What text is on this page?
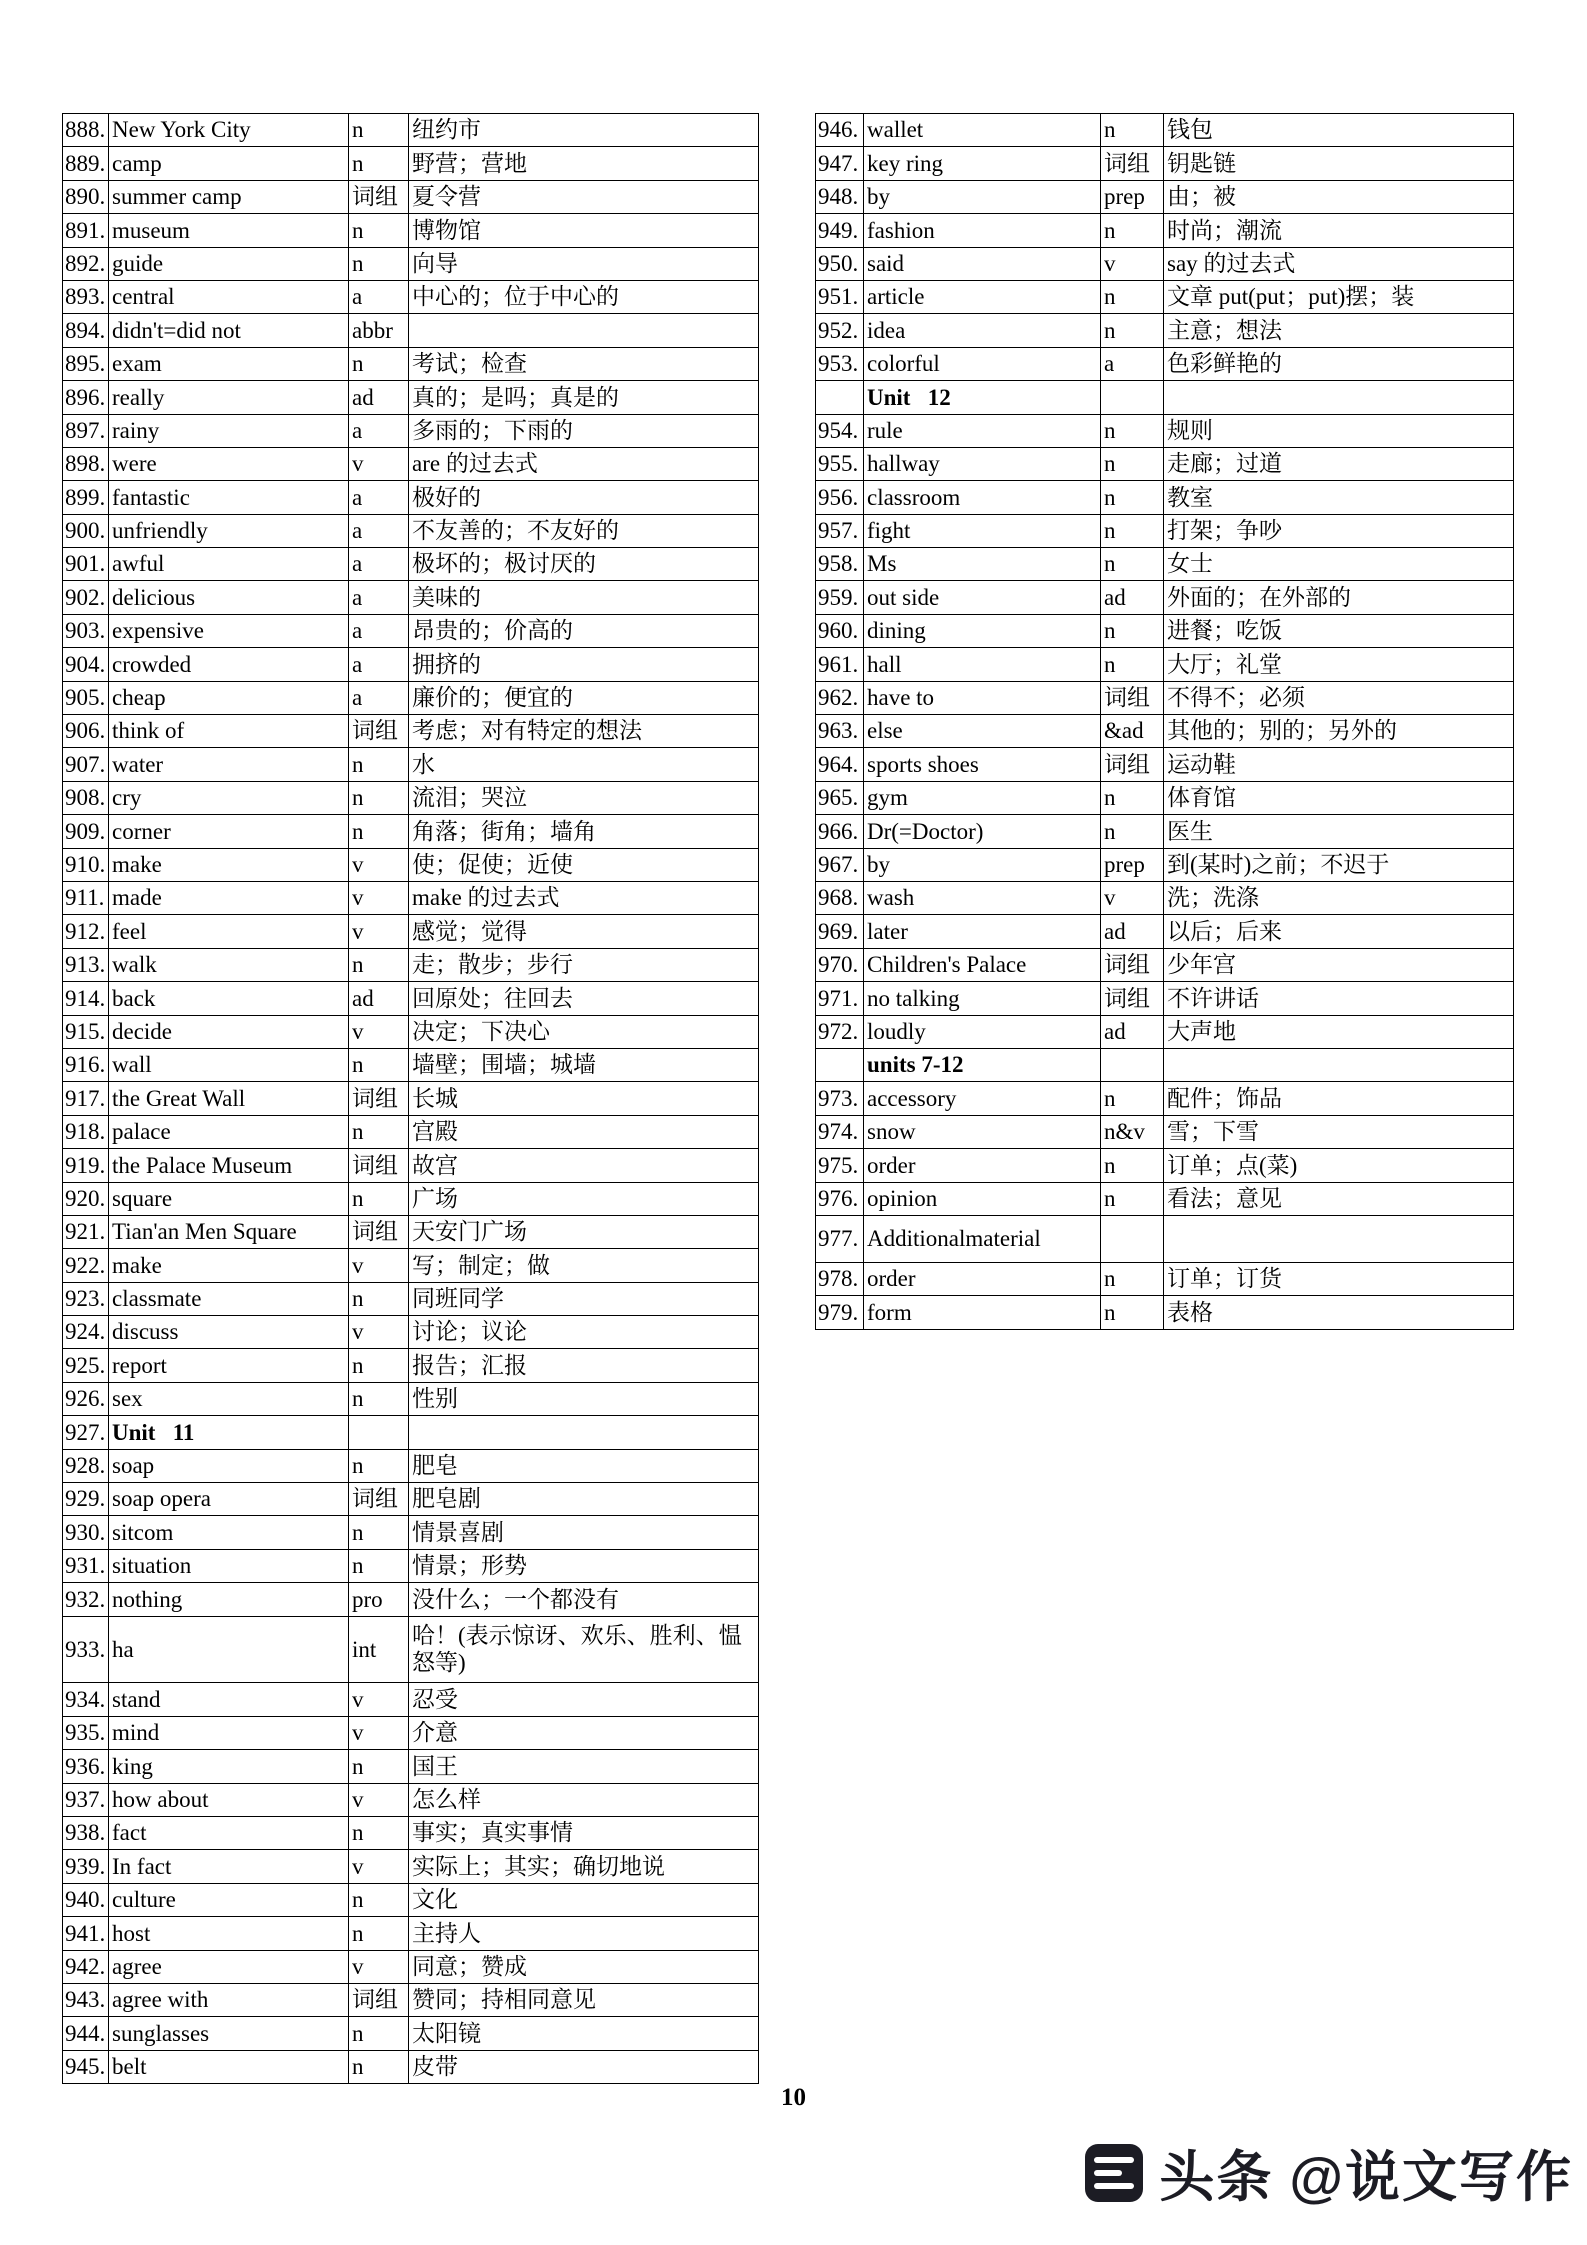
888.	New York City	n	纽约市
889.	camp	n	野营；营地
890.	summer camp	词组	夏令营
891.	museum	n	博物馆
892.	guide	n	向导
893.	central	a	中心的；位于中心的
894.	didn't=did not	abbr	
895.	exam	n	考试；检查
896.	really	ad	真的；是吗；真是的
897.	rainy	a	多雨的；下雨的
898.	were	v	are 的过去式
899.	fantastic	a	极好的
900.	unfriendly	a	不友善的；不友好的
901.	awful	a	极坏的；极讨厌的
902.	delicious	a	美味的
903.	expensive	a	昂贵的；价高的
904.	crowded	a	拥挤的
905.	cheap	a	廉价的；便宜的
906.	think of	词组	考虑；对有特定的想法
907.	water	n	水
908.	cry	n	流泪；哭泣
909.	corner	n	角落；街角；墙角
910.	make	v	使；促使；近使
911.	made	v	make 的过去式
912.	feel	v	感觉；觉得
913.	walk	n	走；散步；步行
914.	back	ad	回原处；往回去
915.	decide	v	决定；下决心
916.	wall	n	墙壁；围墙；城墙
917.	the Great Wall	词组	长城
918.	palace	n	宫殿
919.	the Palace Museum	词组	故宫
920.	square	n	广场
921.	Tian'an Men Square	词组	天安门广场
922.	make	v	写；制定；做
923.	classmate	n	同班同学
924.	discuss	v	讨论；议论
925.	report	n	报告；汇报
926.	sex	n	性别
927.	Unit   11		
928.	soap	n	肥皂
929.	soap opera	词组	肥皂剧
930.	sitcom	n	情景喜剧
931.	situation	n	情景；形势
932.	nothing	pro	没什么；一个都没有
933.	ha	int	哈！(表示惊讶、欢乐、胜利、愠怒等)
934.	stand	v	忍受
935.	mind	v	介意
936.	king	n	国王
937.	how about	v	怎么样
938.	fact	n	事实；真实事情
939.	In fact	v	实际上；其实；确切地说
940.	culture	n	文化
941.	host	n	主持人
942.	agree	v	同意；赞成
943.	agree with	词组	赞同；持相同意见
944.	sunglasses	n	太阳镜
945.	belt	n	皮带
946.	wallet	n	钱包
947.	key ring	词组	钥匙链
948.	by	prep	由；被
949.	fashion	n	时尚；潮流
950.	said	v	say 的过去式
951.	article	n	文章 put(put；put)摆；装
952.	idea	n	主意；想法
953.	colorful	a	色彩鲜艳的
	Unit   12		
954.	rule	n	规则
955.	hallway	n	走廊；过道
956.	classroom	n	教室
957.	fight	n	打架；争吵
958.	Ms	n	女士
959.	out side	ad	外面的；在外部的
960.	dining	n	进餐；吃饭
961.	hall	n	大厅；礼堂
962.	have to	词组	不得不；必须
963.	else	&ad	其他的；别的；另外的
964.	sports shoes	词组	运动鞋
965.	gym	n	体育馆
966.	Dr(=Doctor)	n	医生
967.	by	prep	到(某时)之前；不迟于
968.	wash	v	洗；洗涤
969.	later	ad	以后；后来
970.	Children's Palace	词组	少年宫
971.	no talking	词组	不许讲话
972.	loudly	ad	大声地
	units 7-12		
973.	accessory	n	配件；饰品
974.	snow	n&v	雪；下雪
975.	order	n	订单；点(菜)
976.	opinion	n	看法；意见
977.	Additionalmaterial		
978.	order	n	订单；订货
979.	form	n	表格
10
头条 @说文写作
